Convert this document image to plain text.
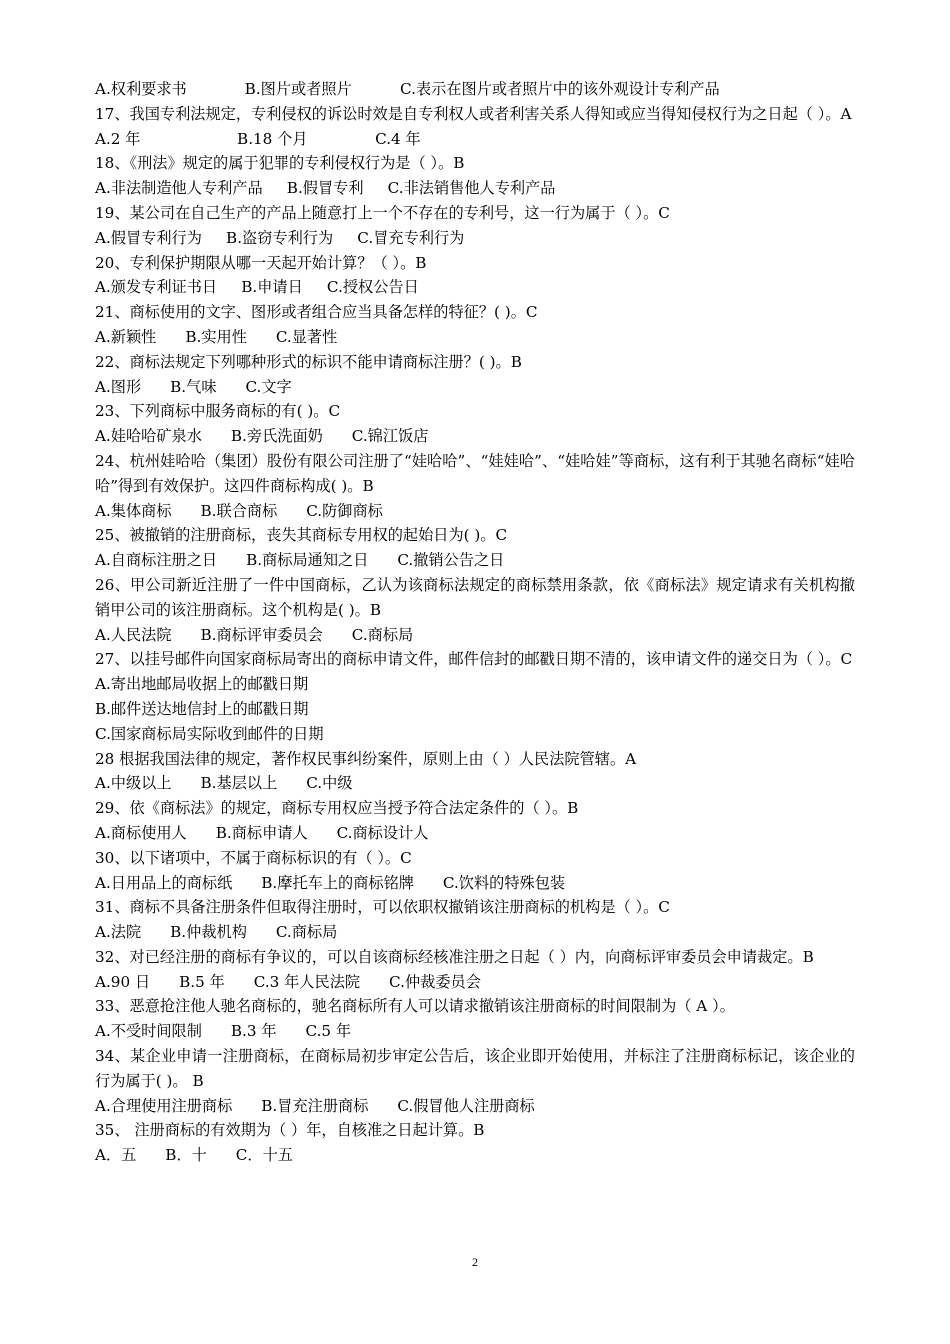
A.权利要求书            B.图片或者照片          C.表示在图片或者照片中的该外观设计专利产品
17、我国专利法规定，专利侵权的诉讼时效是自专利权人或者利害关系人得知或应当得知侵权行为之日起（ ）。A
A.2 年                    B.18 个月              C.4 年
18、《刑法》规定的属于犯罪的专利侵权行为是（ ）。B
A.非法制造他人专利产品     B.假冒专利     C.非法销售他人专利产品
19、某公司在自己生产的产品上随意打上一个不存在的专利号，这一行为属于（ ）。C
A.假冒专利行为     B.盗窃专利行为     C.冒充专利行为
20、专利保护期限从哪一天起开始计算？（ ）。B
A.颁发专利证书日     B.申请日     C.授权公告日
21、商标使用的文字、图形或者组合应当具备怎样的特征？( )。C
A.新颖性      B.实用性      C.显著性
22、商标法规定下列哪种形式的标识不能申请商标注册？( )。B
A.图形      B.气味      C.文字
23、下列商标中服务商标的有( )。C
A.娃哈哈矿泉水      B.旁氏洗面奶      C.锦江饭店
24、杭州娃哈哈（集团）股份有限公司注册了“娃哈哈”、“娃娃哈”、“娃哈娃”等商标，这有利于其驰名商标“娃哈哈”得到有效保护。这四件商标构成( )。B
A.集体商标      B.联合商标      C.防御商标
25、被撤销的注册商标，丧失其商标专用权的起始日为( )。C
A.自商标注册之日      B.商标局通知之日      C.撤销公告之日
26、甲公司新近注册了一件中国商标，乙认为该商标法规定的商标禁用条款，依《商标法》规定请求有关机构撤销甲公司的该注册商标。这个机构是( )。B
A.人民法院      B.商标评审委员会      C.商标局
27、以挂号邮件向国家商标局寄出的商标申请文件，邮件信封的邮戳日期不清的，该申请文件的递交日为（ ）。C
A.寄出地邮局收据上的邮戳日期
B.邮件送达地信封上的邮戳日期
C.国家商标局实际收到邮件的日期
28 根据我国法律的规定，著作权民事纠纷案件，原则上由（ ）人民法院管辖。A
A.中级以上      B.基层以上      C.中级
29、依《商标法》的规定，商标专用权应当授予符合法定条件的（ ）。B
A.商标使用人      B.商标申请人      C.商标设计人
30、以下诸项中，不属于商标标识的有（ ）。C
A.日用品上的商标纸      B.摩托车上的商标铭牌      C.饮料的特殊包装
31、商标不具备注册条件但取得注册时，可以依职权撤销该注册商标的机构是（ ）。C
A.法院      B.仲裁机构      C.商标局
32、对已经注册的商标有争议的，可以自该商标经核准注册之日起（ ）内，向商标评审委员会申请裁定。B
A.90 日      B.5 年      C.3 年人民法院      C.仲裁委员会
33、恶意抢注他人驰名商标的，驰名商标所有人可以请求撤销该注册商标的时间限制为（ A ）。
A.不受时间限制      B.3 年      C.5 年
34、某企业申请一注册商标，在商标局初步审定公告后，该企业即开始使用，并标注了注册商标标记，该企业的行为属于( )。 B
A.合理使用注册商标      B.冒充注册商标      C.假冒他人注册商标
35、 注册商标的有效期为（ ）年，自核准之日起计算。B
A．五      B．十      C．十五
2
